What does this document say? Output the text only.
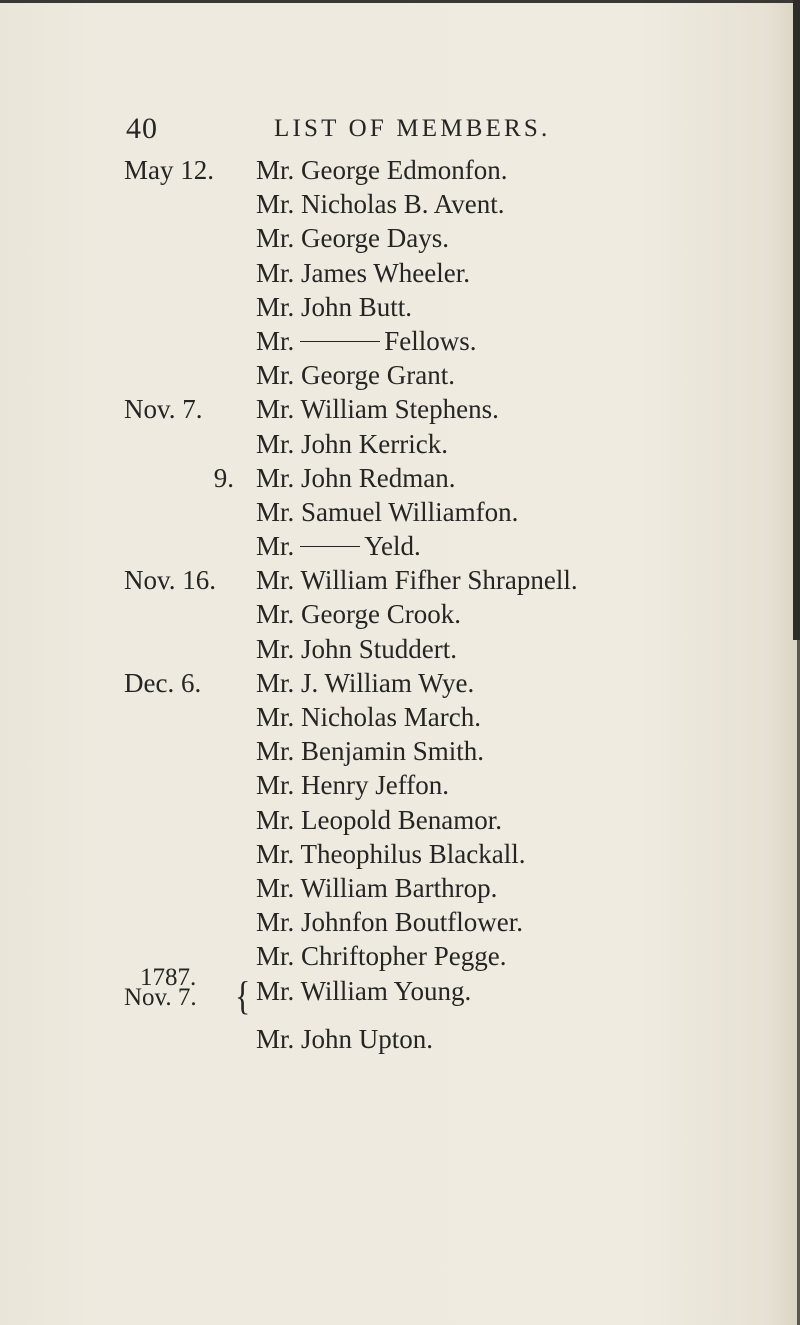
40	LIST OF MEMBERS.
May 12. Mr. George Edmonfon.
Mr. Nicholas B. Avent.
Mr. George Days.
Mr. James Wheeler.
Mr. John Butt.
Mr.	Fellows.
Mr. George Grant.
Nov. 7. Mr. William Stephens.
Mr. John Kerrick.
9. Mr. John Redman.
Mr. Samuel Williamfon.
Mr.	Yeld.
Nov. 16. Mr. William Fifher Shrapnell.
Mr. George Crook.
Mr. John Studdert.
Dec. 6. Mr. J. William Wye.
Mr. Nicholas March.
Mr. Benjamin Smith.
Mr. Henry Jeffon.
Mr. Leopold Benamor.
Mr. Theophilus Blackall.
Mr. William Barthrop.
Mr. Johnfon Boutflower.
Mr. Chriftopher Pegge.
1787.
Nov. 7. { Mr. William Young.
Mr. John Upton.
